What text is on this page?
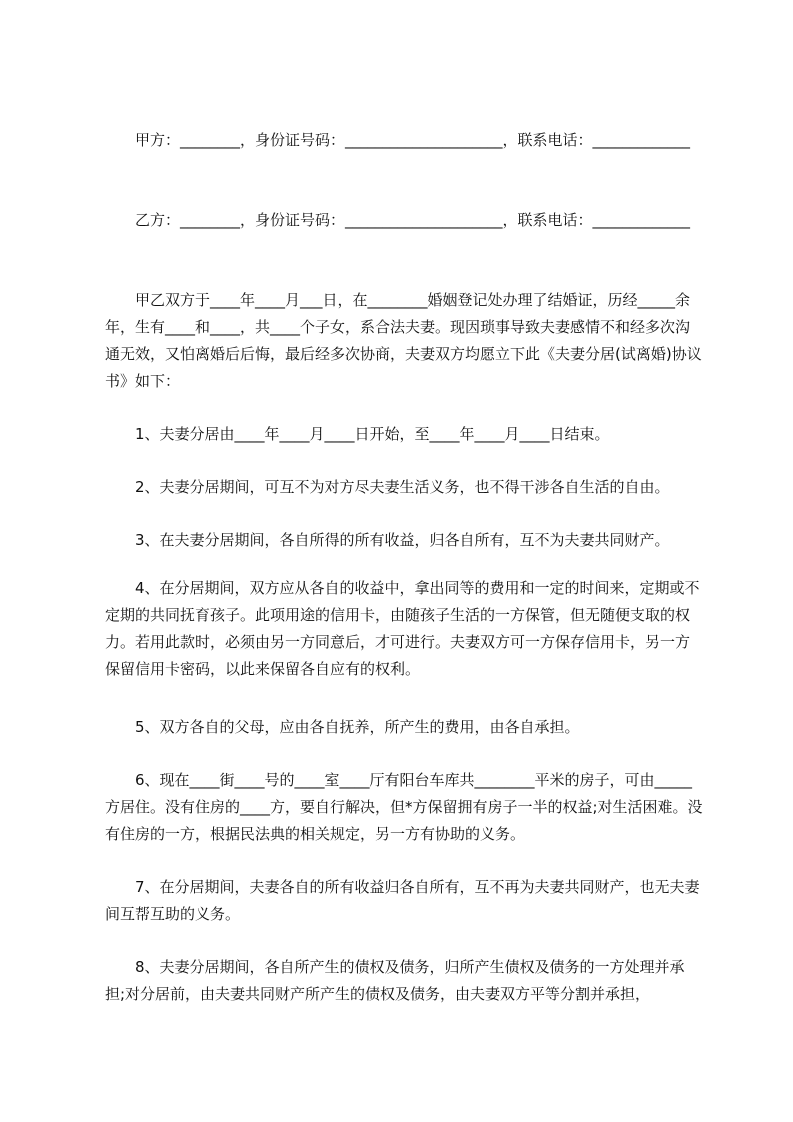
　　甲方：________，身份证号码：_____________________，联系电话：_____________

　　乙方：________，身份证号码：_____________________，联系电话：_____________

　　甲乙双方于____年____月___日，在________婚姻登记处办理了结婚证，历经_____余年，生有____和____，共____个子女，系合法夫妻。现因琐事导致夫妻感情不和经多次沟通无效，又怕离婚后后悔，最后经多次协商，夫妻双方均愿立下此《夫妻分居(试离婚)协议书》如下：

　　1、夫妻分居由____年____月____日开始，至____年____月____日结束。

　　2、夫妻分居期间，可互不为对方尽夫妻生活义务，也不得干涉各自生活的自由。

　　3、在夫妻分居期间，各自所得的所有收益，归各自所有，互不为夫妻共同财产。

　　4、在分居期间，双方应从各自的收益中，拿出同等的费用和一定的时间来，定期或不定期的共同抚育孩子。此项用途的信用卡，由随孩子生活的一方保管，但无随便支取的权力。若用此款时，必须由另一方同意后，才可进行。夫妻双方可一方保存信用卡，另一方保留信用卡密码，以此来保留各自应有的权利。

　　5、双方各自的父母，应由各自抚养，所产生的费用，由各自承担。

　　6、现在____街____号的____室____厅有阳台车库共________平米的房子，可由_____方居住。没有住房的____方，要自行解决，但*方保留拥有房子一半的权益;对生活困难。没有住房的一方，根据民法典的相关规定，另一方有协助的义务。

　　7、在分居期间，夫妻各自的所有收益归各自所有，互不再为夫妻共同财产，也无夫妻间互帮互助的义务。

　　8、夫妻分居期间，各自所产生的债权及债务，归所产生债权及债务的一方处理并承担;对分居前，由夫妻共同财产所产生的债权及债务，由夫妻双方平等分割并承担，
